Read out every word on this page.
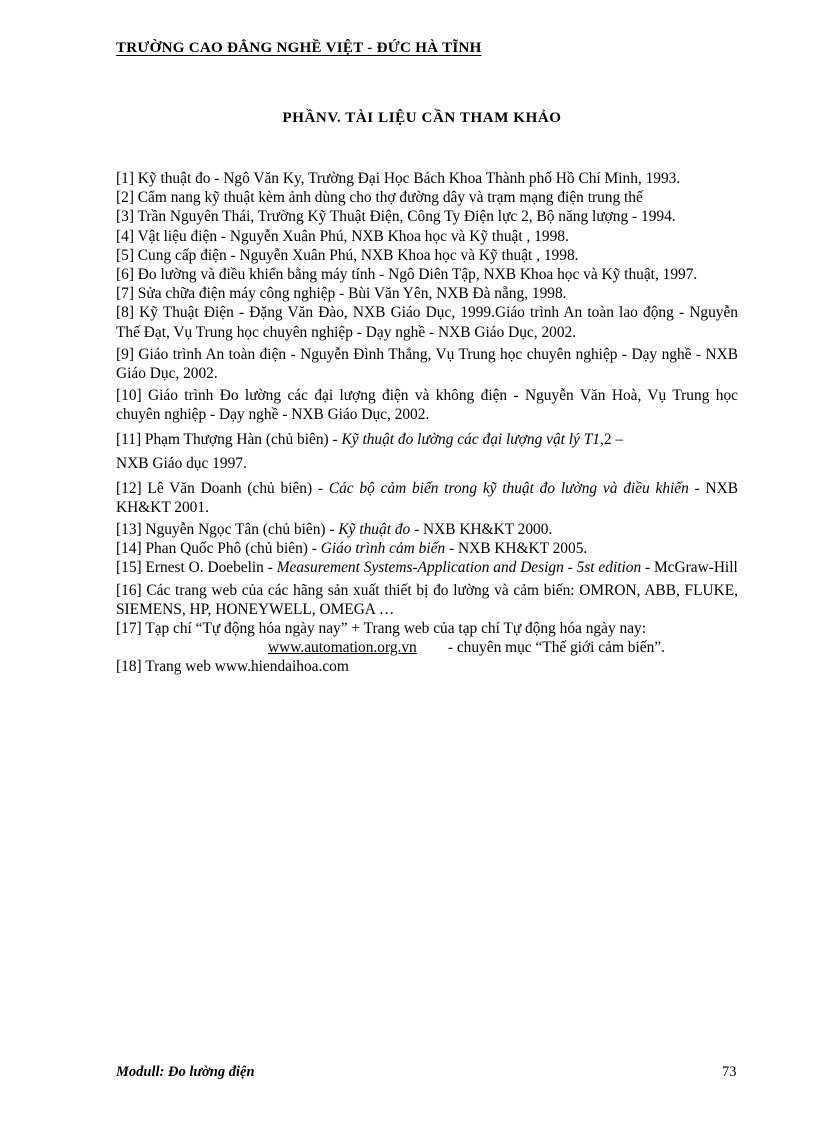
TRƯỜNG CAO ĐẲNG NGHỀ VIỆT - ĐỨC HÀ TĨNH
PHẦNV. TÀI LIỆU CẦN THAM KHẢO
[1] Kỹ thuật đo - Ngô Văn Ky, Trường Đại Học Bách Khoa Thành phố Hồ Chí Minh, 1993.
[2] Cẩm nang kỹ thuật kèm ảnh dùng cho thợ đường dây và trạm mạng điện trung thế
[3] Trần Nguyên Thái, Trường Kỹ Thuật Điện, Công Ty Điện lực 2, Bộ năng lượng - 1994.
[4] Vật liệu điện - Nguyễn Xuân Phú, NXB Khoa học và Kỹ thuật , 1998.
[5] Cung cấp điện - Nguyễn Xuân Phú, NXB Khoa học và Kỹ thuật , 1998.
[6] Đo lường và điều khiển bằng máy tính - Ngô Diên Tập, NXB Khoa học và Kỹ thuật, 1997.
[7] Sửa chữa điện máy công nghiệp - Bùi Văn Yên, NXB Đà nẵng, 1998.
[8] Kỹ Thuật Điện - Đặng Văn Đào, NXB Giáo Dục, 1999.Giáo trình An toàn lao động - Nguyễn Thế Đạt, Vụ Trung học chuyên nghiệp - Dạy nghề - NXB Giáo Dục, 2002.
[9] Giáo trình An toàn điện - Nguyễn Đình Thắng, Vụ Trung học chuyên nghiệp - Dạy nghề - NXB Giáo Dục, 2002.
[10] Giáo trình Đo lường các đại lượng điện và không điện - Nguyễn Văn Hoà, Vụ Trung học chuyên nghiệp - Dạy nghề - NXB Giáo Dục, 2002.
[11] Phạm Thượng Hàn (chủ biên) - Kỹ thuật đo lường các đại lượng vật lý T1,2 –
NXB Giáo dục 1997.
[12] Lê Văn Doanh (chủ biên) - Các bộ cảm biến trong kỹ thuật đo lường và điều khiển - NXB KH&KT 2001.
[13] Nguyễn Ngọc Tân (chủ biên) - Kỹ thuật đo - NXB KH&KT 2000.
[14] Phan Quốc Phô (chủ biên) - Giáo trình cảm biến - NXB KH&KT 2005.
[15] Ernest O. Doebelin - Measurement Systems-Application and Design - 5st edition - McGraw-Hill
[16] Các trang web của các hãng sản xuất thiết bị đo lường và cảm biến: OMRON, ABB, FLUKE, SIEMENS, HP, HONEYWELL, OMEGA …
[17] Tạp chí “Tự động hóa ngày nay” + Trang web của tạp chí Tự động hóa ngày nay:
www.automation.org.vn - chuyên mục “Thế giới cảm biến”.
[18] Trang web www.hiendaihoa.com
Modull: Đo lường điện	73
